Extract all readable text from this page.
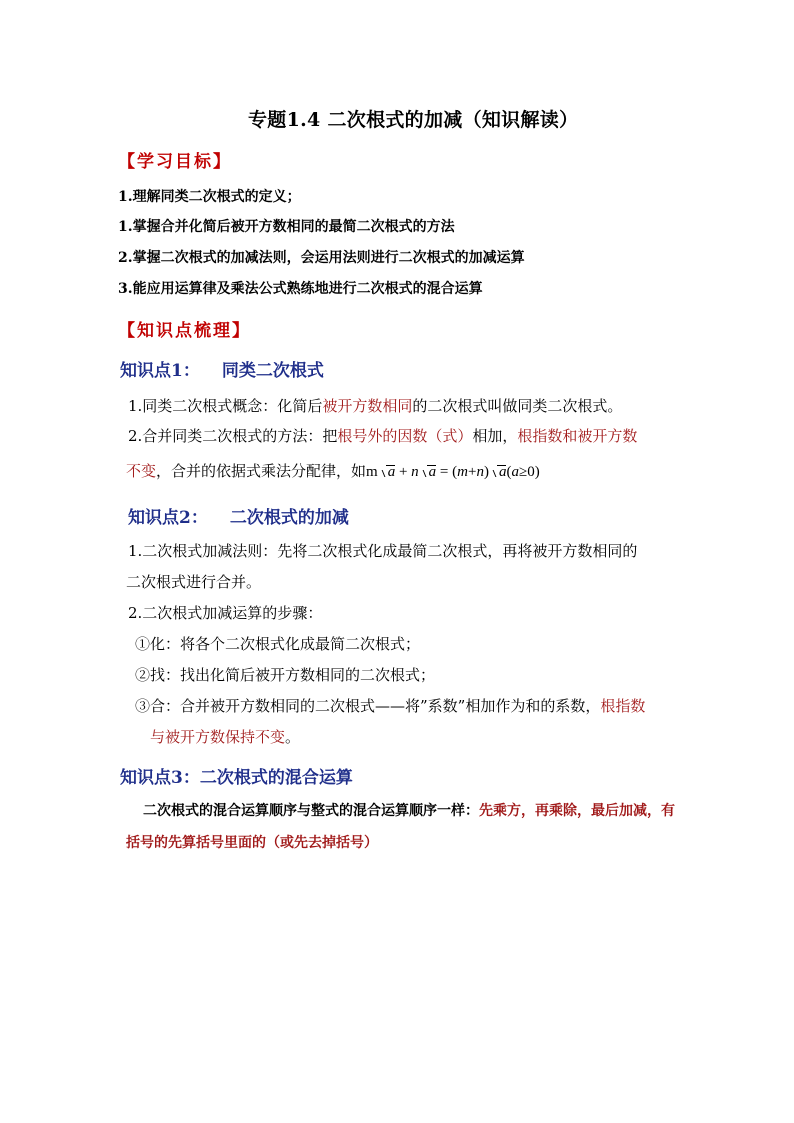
专题1.4 二次根式的加减（知识解读）
【学习目标】
1.理解同类二次根式的定义；
1.掌握合并化简后被开方数相同的最简二次根式的方法
2.掌握二次根式的加减法则，会运用法则进行二次根式的加减运算
3.能应用运算律及乘法公式熟练地进行二次根式的混合运算
【知识点梳理】
知识点1： 同类二次根式
1.同类二次根式概念：化简后被开方数相同的二次根式叫做同类二次根式。
2.合并同类二次根式的方法：把根号外的因数（式）相加，根指数和被开方数
不变，合并的依据式乘法分配律，如m a + n a = (m+n) a(a≥0)
知识点2： 二次根式的加减
1.二次根式加减法则：先将二次根式化成最简二次根式，再将被开方数相同的
二次根式进行合并。
2.二次根式加减运算的步骤：
①化：将各个二次根式化成最简二次根式；
②找：找出化简后被开方数相同的二次根式；
③合：合并被开方数相同的二次根式——将”系数”相加作为和的系数，根指数
与被开方数保持不变。
知识点3：二次根式的混合运算
二次根式的混合运算顺序与整式的混合运算顺序一样：先乘方，再乘除，最后加减，有
括号的先算括号里面的（或先去掉括号）
